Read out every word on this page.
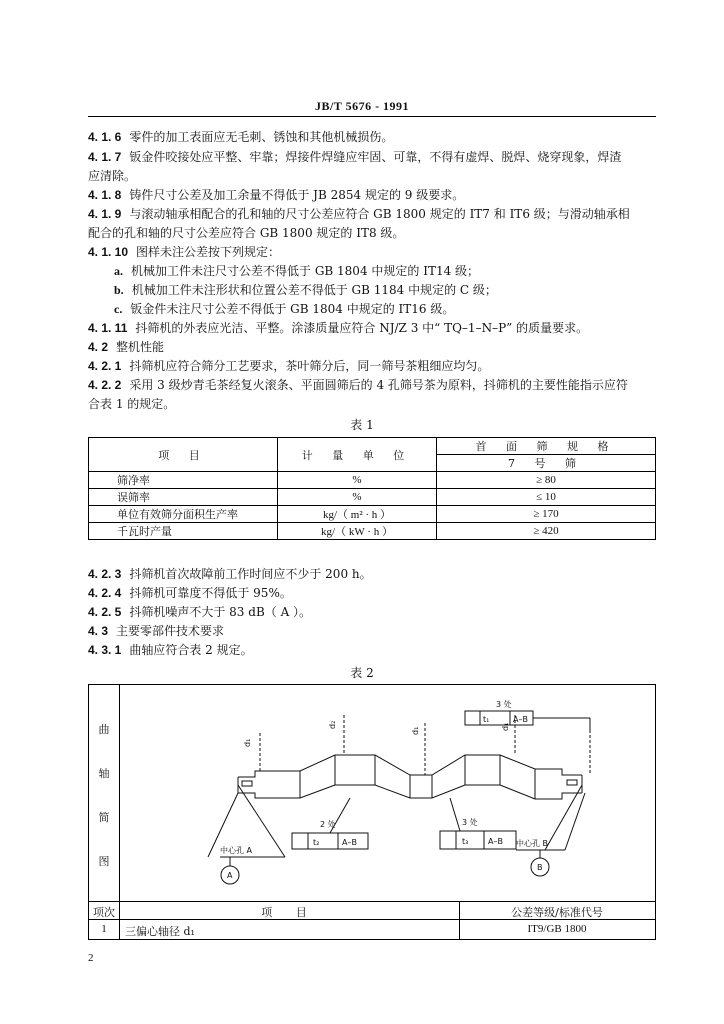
JB/T 5676 - 1991
4. 1. 6 零件的加工表面应无毛刺、锈蚀和其他机械损伤。
4. 1. 7 钣金件咬接处应平整、牢靠；焊接件焊缝应牢固、可靠，不得有虚焊、脱焊、烧穿现象，焊渣
应清除。
4. 1. 8 铸件尺寸公差及加工余量不得低于 JB 2854 规定的 9 级要求。
4. 1. 9 与滚动轴承相配合的孔和轴的尺寸公差应符合 GB 1800 规定的 IT7 和 IT6 级；与滑动轴承相
配合的孔和轴的尺寸公差应符合 GB 1800 规定的 IT8 级。
4. 1. 10 图样未注公差按下列规定：
a. 机械加工件未注尺寸公差不得低于 GB 1804 中规定的 IT14 级；
b. 机械加工件未注形状和位置公差不得低于 GB 1184 中规定的 C 级；
c. 钣金件未注尺寸公差不得低于 GB 1804 中规定的 IT16 级。
4. 1. 11 抖筛机的外表应光洁、平整。涂漆质量应符合 NJ/Z 3 中“ TQ–1–N–P” 的质量要求。
4. 2 整机性能
4. 2. 1 抖筛机应符合筛分工艺要求，茶叶筛分后，同一筛号茶粗细应均匀。
4. 2. 2 采用 3 级炒青毛茶经复火滚条、平面圆筛后的 4 孔筛号茶为原料，抖筛机的主要性能指示应符
合表 1 的规定。
表 1
项 目	计 量 单 位	首 面 筛 规 格
		7 号 筛
筛净率	%	≥ 80
误筛率	%	≤ 10
单位有效筛分面积生产率	kg/（ m² · h ）	≥ 170
千瓦时产量	kg/（ kW · h ）	≥ 420
4. 2. 3 抖筛机首次故障前工作时间应不少于 200 h。
4. 2. 4 抖筛机可靠度不得低于 95%。
4. 2. 5 抖筛机噪声不大于 83 dB（ A ）。
4. 3 主要零部件技术要求
4. 3. 1 曲轴应符合表 2 规定。
表 2
曲
轴
简
图
3 处
t₁	A–B
d₁
d₂
d₁	d₁
2 处
t₂	A–B
3 处
t₃ A–B
中心孔 A
A
中心孔 B
B
项次	项 目	公差等级/标准代号
1	三偏心轴径 d₁	IT9/GB 1800
2
